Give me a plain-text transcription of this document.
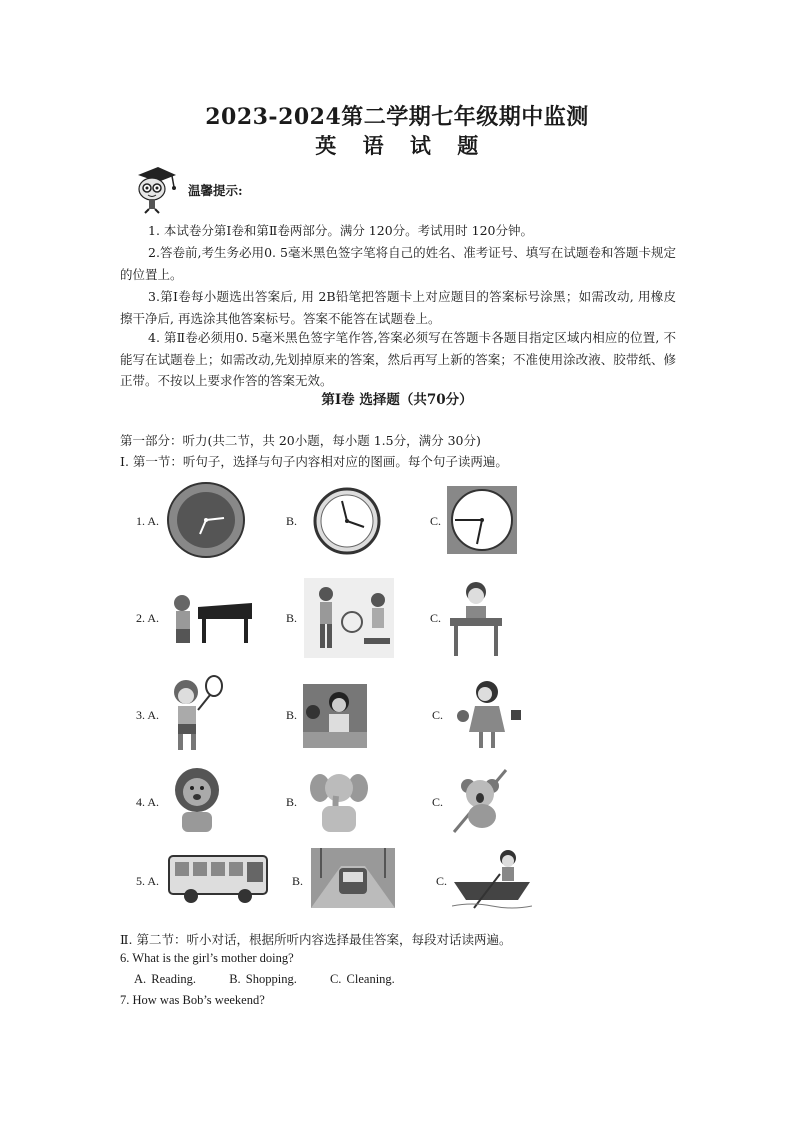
2023-2024第二学期七年级期中监测
英 语 试 题
温馨提示:
1. 本试卷分第Ⅰ卷和第Ⅱ卷两部分。满分 120分。考试用时 120分钟。
2.答卷前,考生务必用0. 5毫米黑色签字笔将自己的姓名、准考证号、填写在试题卷和答题卡规定的位置上。
3.第Ⅰ卷每小题选出答案后, 用 2B铅笔把答题卡上对应题目的答案标号涂黑；如需改动, 用橡皮擦干净后, 再选涂其他答案标号。答案不能答在试题卷上。
4. 第Ⅱ卷必须用0. 5毫米黑色签字笔作答,答案必须写在答题卡各题目指定区域内相应的位置, 不能写在试题卷上；如需改动,先划掉原来的答案，然后再写上新的答案；不准使用涂改液、胶带纸、修正带。不按以上要求作答的答案无效。
第Ⅰ卷 选择题（共70分）
第一部分：听力(共二节，共 20小题，每小题 1.5分，满分 30分)
Ⅰ. 第一节：听句子，选择与句子内容相对应的图画。每个句子读两遍。
1. A.	B.	C.
2. A.	B.	C.
3. A.	B.	C.
4. A.	B.	C.
5. A.	B.	C.
Ⅱ. 第二节：听小对话，根据所听内容选择最佳答案，每段对话读两遍。
6. What is the girl’s mother doing?
A. Reading.	B. Shopping.	C. Cleaning.
7. How was Bob’s weekend?
